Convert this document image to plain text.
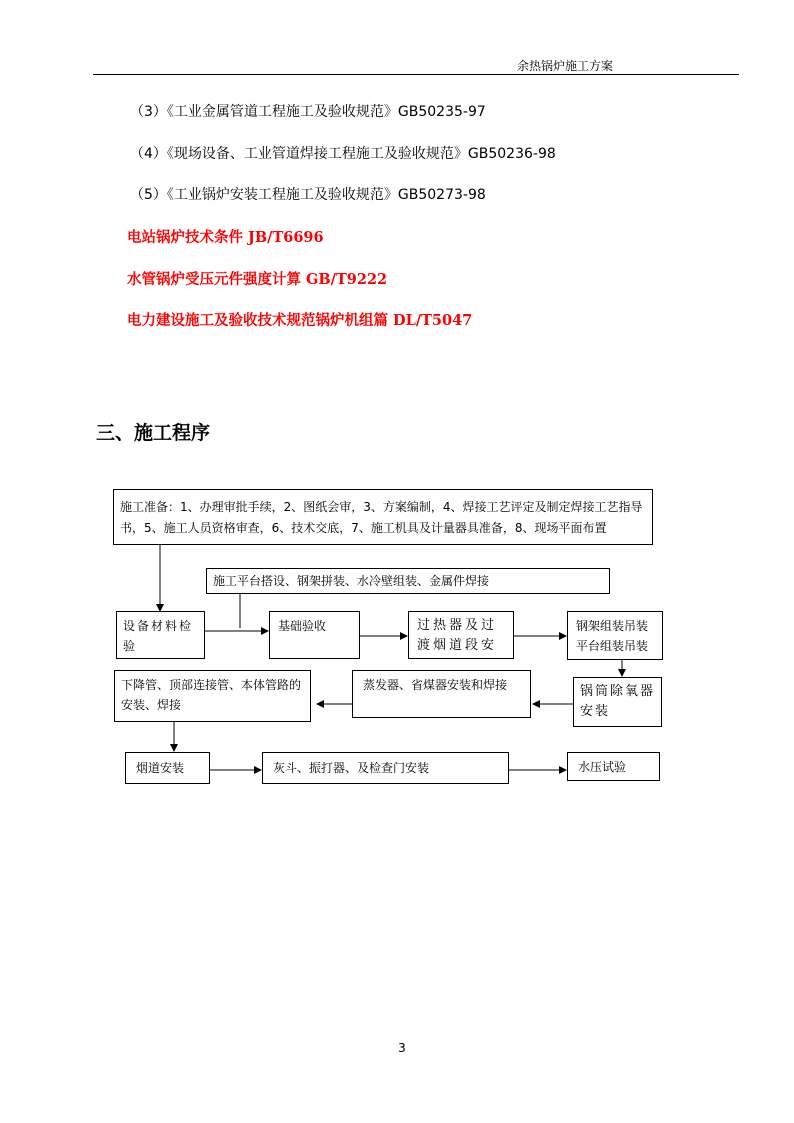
余热锅炉施工方案
（3）《工业金属管道工程施工及验收规范》GB50235-97
（4）《现场设备、工业管道焊接工程施工及验收规范》GB50236-98
（5）《工业锅炉安装工程施工及验收规范》GB50273-98
电站锅炉技术条件 JB/T6696
水管锅炉受压元件强度计算 GB/T9222
电力建设施工及验收技术规范锅炉机组篇 DL/T5047
三、施工程序
施工准备：1、办理审批手续，2、图纸会审，3、方案编制，4、焊接工艺评定及制定焊接工艺指导书，5、施工人员资格审查，6、技术交底，7、施工机具及计量器具准备，8、现场平面布置
施工平台搭设、钢架拼装、水冷壁组装、金属件焊接
设备材料检验
基础验收	过热器及过渡烟道段安
钢架组装吊装平台组装吊装
锅筒除氧器安装
蒸发器、省煤器安装和焊接
下降管、顶部连接管、本体管路的安装、焊接
烟道安装	灰斗、振打器、及检查门安装	水压试验
3
